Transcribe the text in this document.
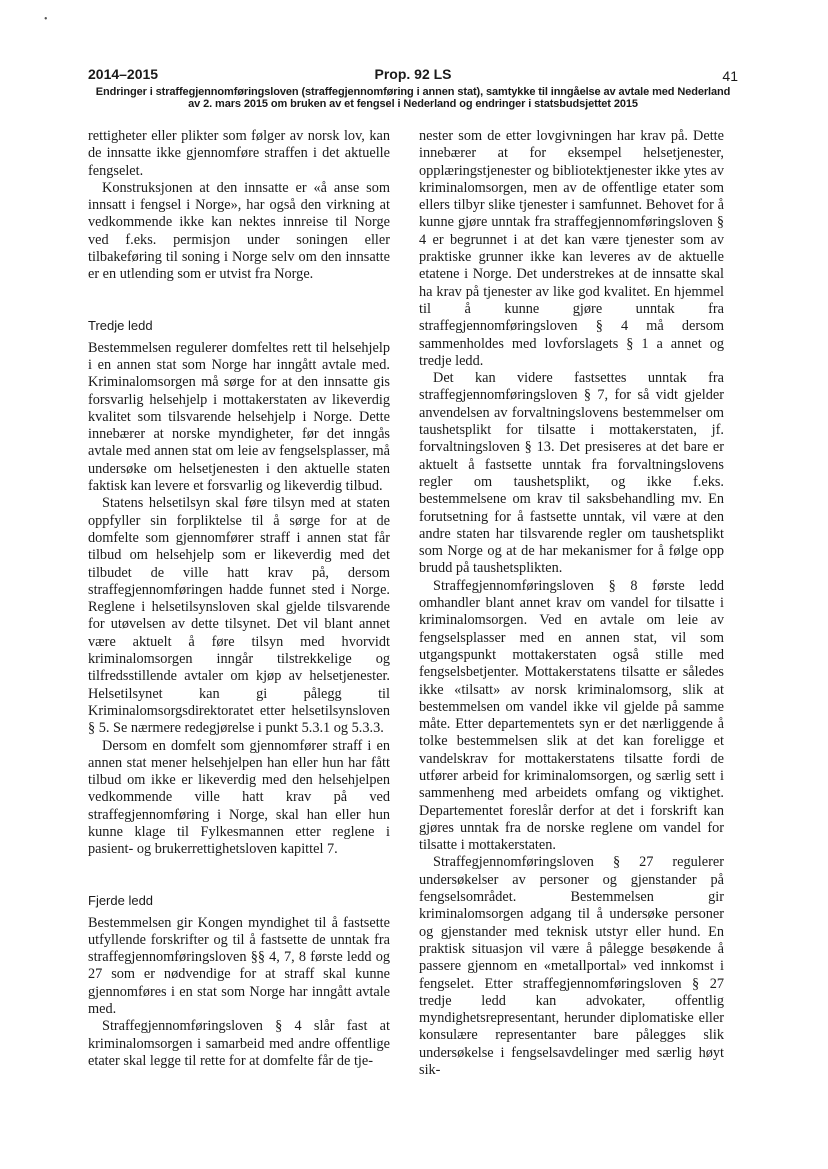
•
2014–2015	Prop. 92 LS	41
Endringer i straffegjennomføringsloven (straffegjennomføring i annen stat), samtykke til inngåelse av avtale med Nederland
av 2. mars 2015 om bruken av et fengsel i Nederland og endringer i statsbudsjettet 2015

rettigheter eller plikter som følger av norsk lov, kan de innsatte ikke gjennomføre straffen i det aktuelle fengselet.

Konstruksjonen at den innsatte er «å anse som innsatt i fengsel i Norge», har også den virkning at vedkommende ikke kan nektes innreise til Norge ved f.eks. permisjon under soningen eller tilbakeføring til soning i Norge selv om den innsatte er en utlending som er utvist fra Norge.

Tredje ledd

Bestemmelsen regulerer domfeltes rett til helsehjelp i en annen stat som Norge har inngått avtale med. Kriminalomsorgen må sørge for at den innsatte gis forsvarlig helsehjelp i mottakerstaten av likeverdig kvalitet som tilsvarende helsehjelp i Norge. Dette innebærer at norske myndigheter, før det inngås avtale med annen stat om leie av fengselsplasser, må undersøke om helsetjenesten i den aktuelle staten faktisk kan levere et forsvarlig og likeverdig tilbud.

Statens helsetilsyn skal føre tilsyn med at staten oppfyller sin forpliktelse til å sørge for at de domfelte som gjennomfører straff i annen stat får tilbud om helsehjelp som er likeverdig med det tilbudet de ville hatt krav på, dersom straffegjennomføringen hadde funnet sted i Norge. Reglene i helsetilsynsloven skal gjelde tilsvarende for utøvelsen av dette tilsynet. Det vil blant annet være aktuelt å føre tilsyn med hvorvidt kriminalomsorgen inngår tilstrekkelige og tilfredsstillende avtaler om kjøp av helsetjenester. Helsetilsynet kan gi pålegg til Kriminalomsorgsdirektoratet etter helsetilsynsloven § 5. Se nærmere redegjørelse i punkt 5.3.1 og 5.3.3.

Dersom en domfelt som gjennomfører straff i en annen stat mener helsehjelpen han eller hun har fått tilbud om ikke er likeverdig med den helsehjelpen vedkommende ville hatt krav på ved straffegjennomføring i Norge, skal han eller hun kunne klage til Fylkesmannen etter reglene i pasient- og brukerrettighetsloven kapittel 7.

Fjerde ledd

Bestemmelsen gir Kongen myndighet til å fastsette utfyllende forskrifter og til å fastsette de unntak fra straffegjennomføringsloven §§ 4, 7, 8 første ledd og 27 som er nødvendige for at straff skal kunne gjennomføres i en stat som Norge har inngått avtale med.

Straffegjennomføringsloven § 4 slår fast at kriminalomsorgen i samarbeid med andre offentlige etater skal legge til rette for at domfelte får de tje-

nester som de etter lovgivningen har krav på. Dette innebærer at for eksempel helsetjenester, opplæringstjenester og bibliotektjenester ikke ytes av kriminalomsorgen, men av de offentlige etater som ellers tilbyr slike tjenester i samfunnet. Behovet for å kunne gjøre unntak fra straffegjennomføringsloven § 4 er begrunnet i at det kan være tjenester som av praktiske grunner ikke kan leveres av de aktuelle etatene i Norge. Det understrekes at de innsatte skal ha krav på tjenester av like god kvalitet. En hjemmel til å kunne gjøre unntak fra straffegjennomføringsloven § 4 må dersom sammenholdes med lovforslagets § 1 a annet og tredje ledd.

Det kan videre fastsettes unntak fra straffegjennomføringsloven § 7, for så vidt gjelder anvendelsen av forvaltningslovens bestemmelser om taushetsplikt for tilsatte i mottakerstaten, jf. forvaltningsloven § 13. Det presiseres at det bare er aktuelt å fastsette unntak fra forvaltningslovens regler om taushetsplikt, og ikke f.eks. bestemmelsene om krav til saksbehandling mv. En forutsetning for å fastsette unntak, vil være at den andre staten har tilsvarende regler om taushetsplikt som Norge og at de har mekanismer for å følge opp brudd på taushetsplikten.

Straffegjennomføringsloven § 8 første ledd omhandler blant annet krav om vandel for tilsatte i kriminalomsorgen. Ved en avtale om leie av fengselsplasser med en annen stat, vil som utgangspunkt mottakerstaten også stille med fengselsbetjenter. Mottakerstatens tilsatte er således ikke «tilsatt» av norsk kriminalomsorg, slik at bestemmelsen om vandel ikke vil gjelde på samme måte. Etter departementets syn er det nærliggende å tolke bestemmelsen slik at det kan foreligge et vandelskrav for mottakerstatens tilsatte fordi de utfører arbeid for kriminalomsorgen, og særlig sett i sammenheng med arbeidets omfang og viktighet. Departementet foreslår derfor at det i forskrift kan gjøres unntak fra de norske reglene om vandel for tilsatte i mottakerstaten.

Straffegjennomføringsloven § 27 regulerer undersøkelser av personer og gjenstander på fengselsområdet. Bestemmelsen gir kriminalomsorgen adgang til å undersøke personer og gjenstander med teknisk utstyr eller hund. En praktisk situasjon vil være å pålegge besøkende å passere gjennom en «metallportal» ved innkomst i fengselet. Etter straffegjennomføringsloven § 27 tredje ledd kan advokater, offentlig myndighetsrepresentant, herunder diplomatiske eller konsulære representanter bare pålegges slik undersøkelse i fengselsavdelinger med særlig høyt sik-
